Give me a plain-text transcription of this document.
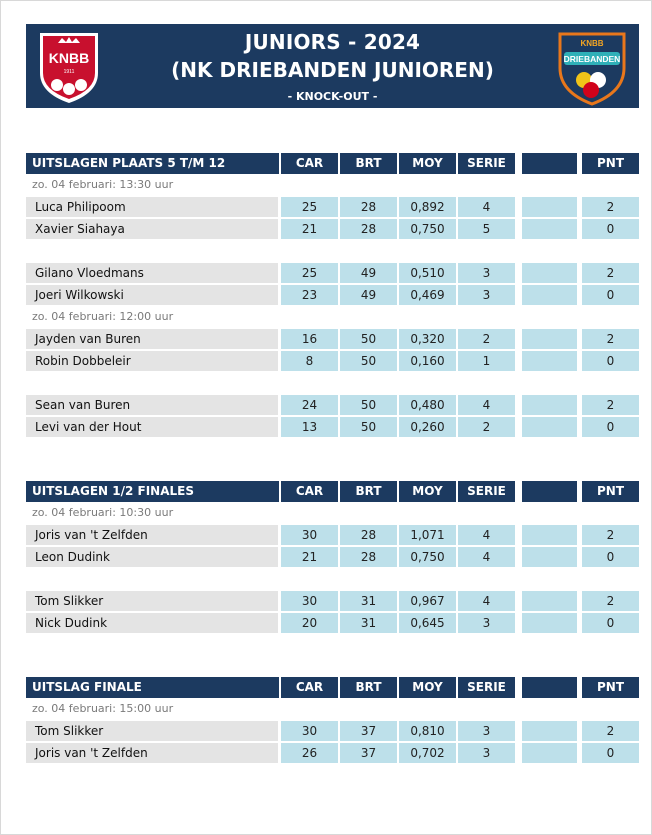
KNBB
1911
JUNIORS - 2024
(NK DRIEBANDEN JUNIOREN)
- KNOCK-OUT -
KNBB
DRIEBANDEN
UITSLAGEN PLAATS 5 T/M 12	CAR	BRT	MOY	SERIE	PNT
zo. 04 februari: 13:30 uur
Luca Philipoom	25	28	0,892	4	2
Xavier Siahaya	21	28	0,750	5	0
Gilano Vloedmans	25	49	0,510	3	2
Joeri Wilkowski	23	49	0,469	3	0
zo. 04 februari: 12:00 uur
Jayden van Buren	16	50	0,320	2	2
Robin Dobbeleir	8	50	0,160	1	0
Sean van Buren	24	50	0,480	4	2
Levi van der Hout	13	50	0,260	2	0
UITSLAGEN 1/2 FINALES	CAR	BRT	MOY	SERIE	PNT
zo. 04 februari: 10:30 uur
Joris van 't Zelfden	30	28	1,071	4	2
Leon Dudink	21	28	0,750	4	0
Tom Slikker	30	31	0,967	4	2
Nick Dudink	20	31	0,645	3	0
UITSLAG FINALE	CAR	BRT	MOY	SERIE	PNT
zo. 04 februari: 15:00 uur
Tom Slikker	30	37	0,810	3	2
Joris van 't Zelfden	26	37	0,702	3	0
